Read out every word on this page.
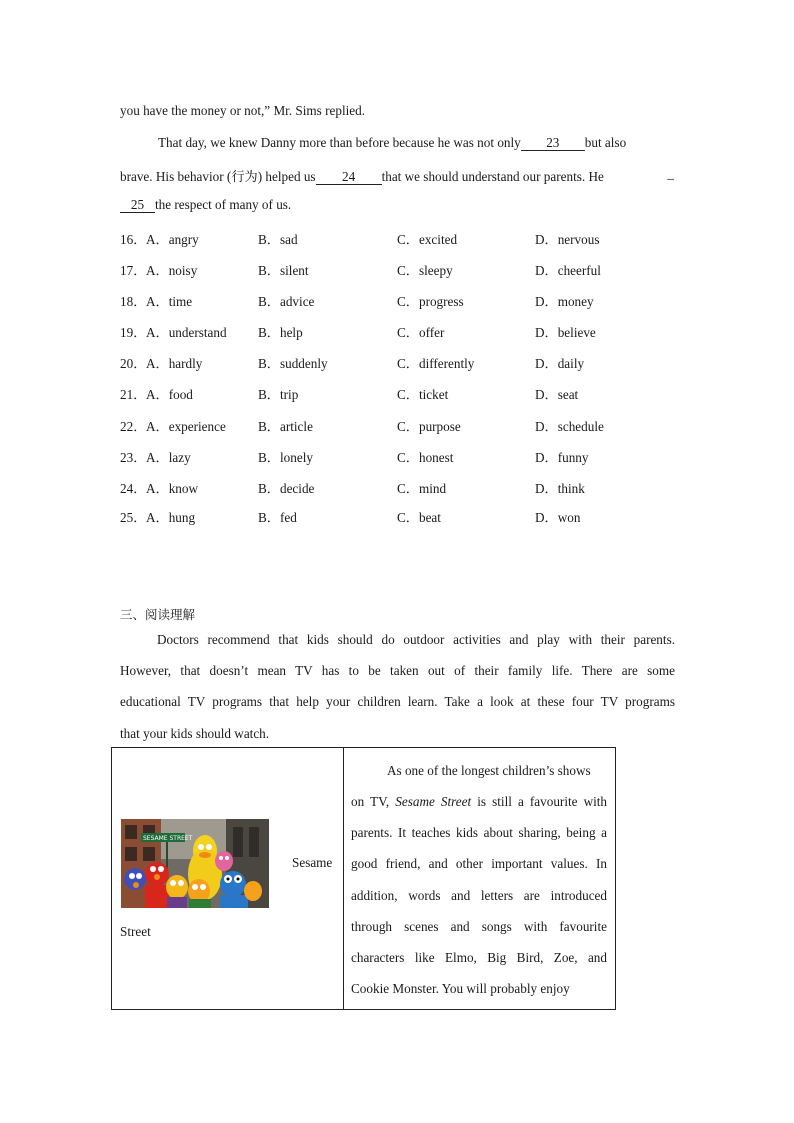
you have the money or not,” Mr. Sims replied.
That day, we knew Danny more than before because he was not only 23 but also
brave. His behavior (行为) helped us 24 that we should understand our parents. He	_
25 the respect of many of us.
16． A．angry	B．sad	C．excited	D．nervous
17． A．noisy	B．silent	C．sleepy	D．cheerful
18． A．time	B．advice	C．progress	D．money
19． A．understand B．help	C．offer	D．believe
20． A．hardly	B．suddenly	C．differently	D．daily
21． A．food	B．trip	C．ticket	D．seat
22． A．experience B．article	C．purpose	D．schedule
23． A．lazy	B．lonely	C．honest	D．funny
24． A．know	B．decide	C．mind	D．think
25． A．hung	B．fed	C．beat	D．won
三、阅读理解
Doctors recommend that kids should do outdoor activities and play with their parents.
However, that doesn’t mean TV has to be taken out of their family life. There are some
educational TV programs that help your children learn. Take a look at these four TV programs
that your kids should watch.
SESAME STREET
Sesame
Street
As one of the longest children’s shows
on TV, Sesame Street is still a favourite with
parents. It teaches kids about sharing, being a
good friend, and other important values. In
addition, words and letters are introduced
through scenes and songs with favourite
characters like Elmo, Big Bird, Zoe, and
Cookie Monster. You will probably enjoy
